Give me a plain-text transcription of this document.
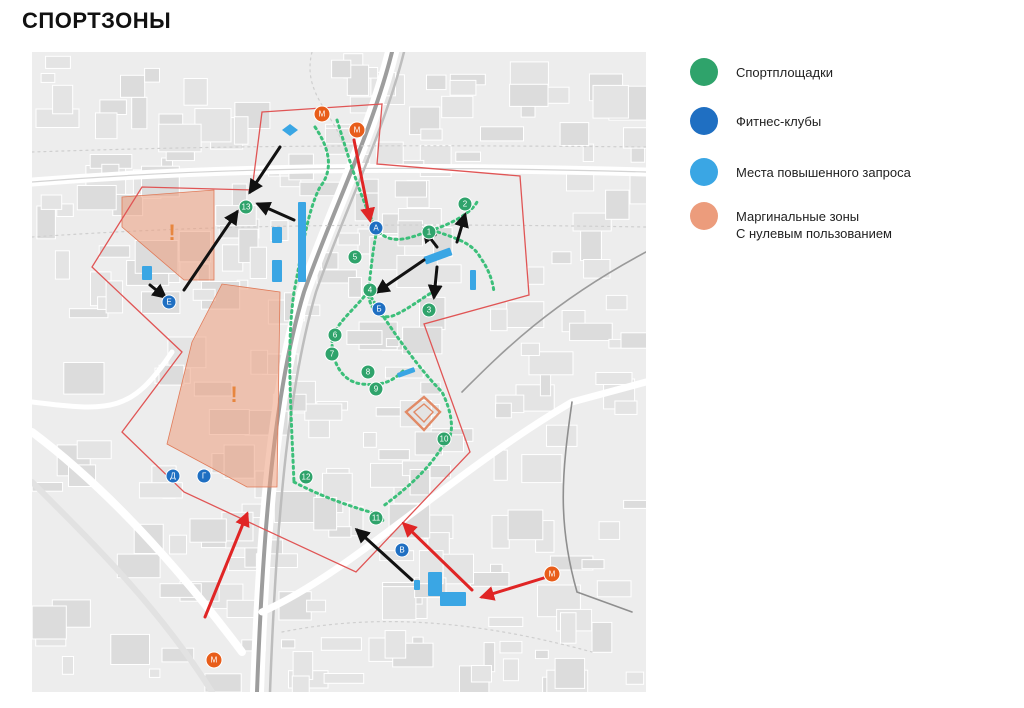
СПОРТЗОНЫ
!
!
М
М
М
М
1
2
3
4
5
6
7
8
9
10
11
12
13
А
Б
В
Г
Д
Е
Спортплощадки
Фитнес-клубы
Места повышенного запроса
Маргинальные зоны
С нулевым пользованием
